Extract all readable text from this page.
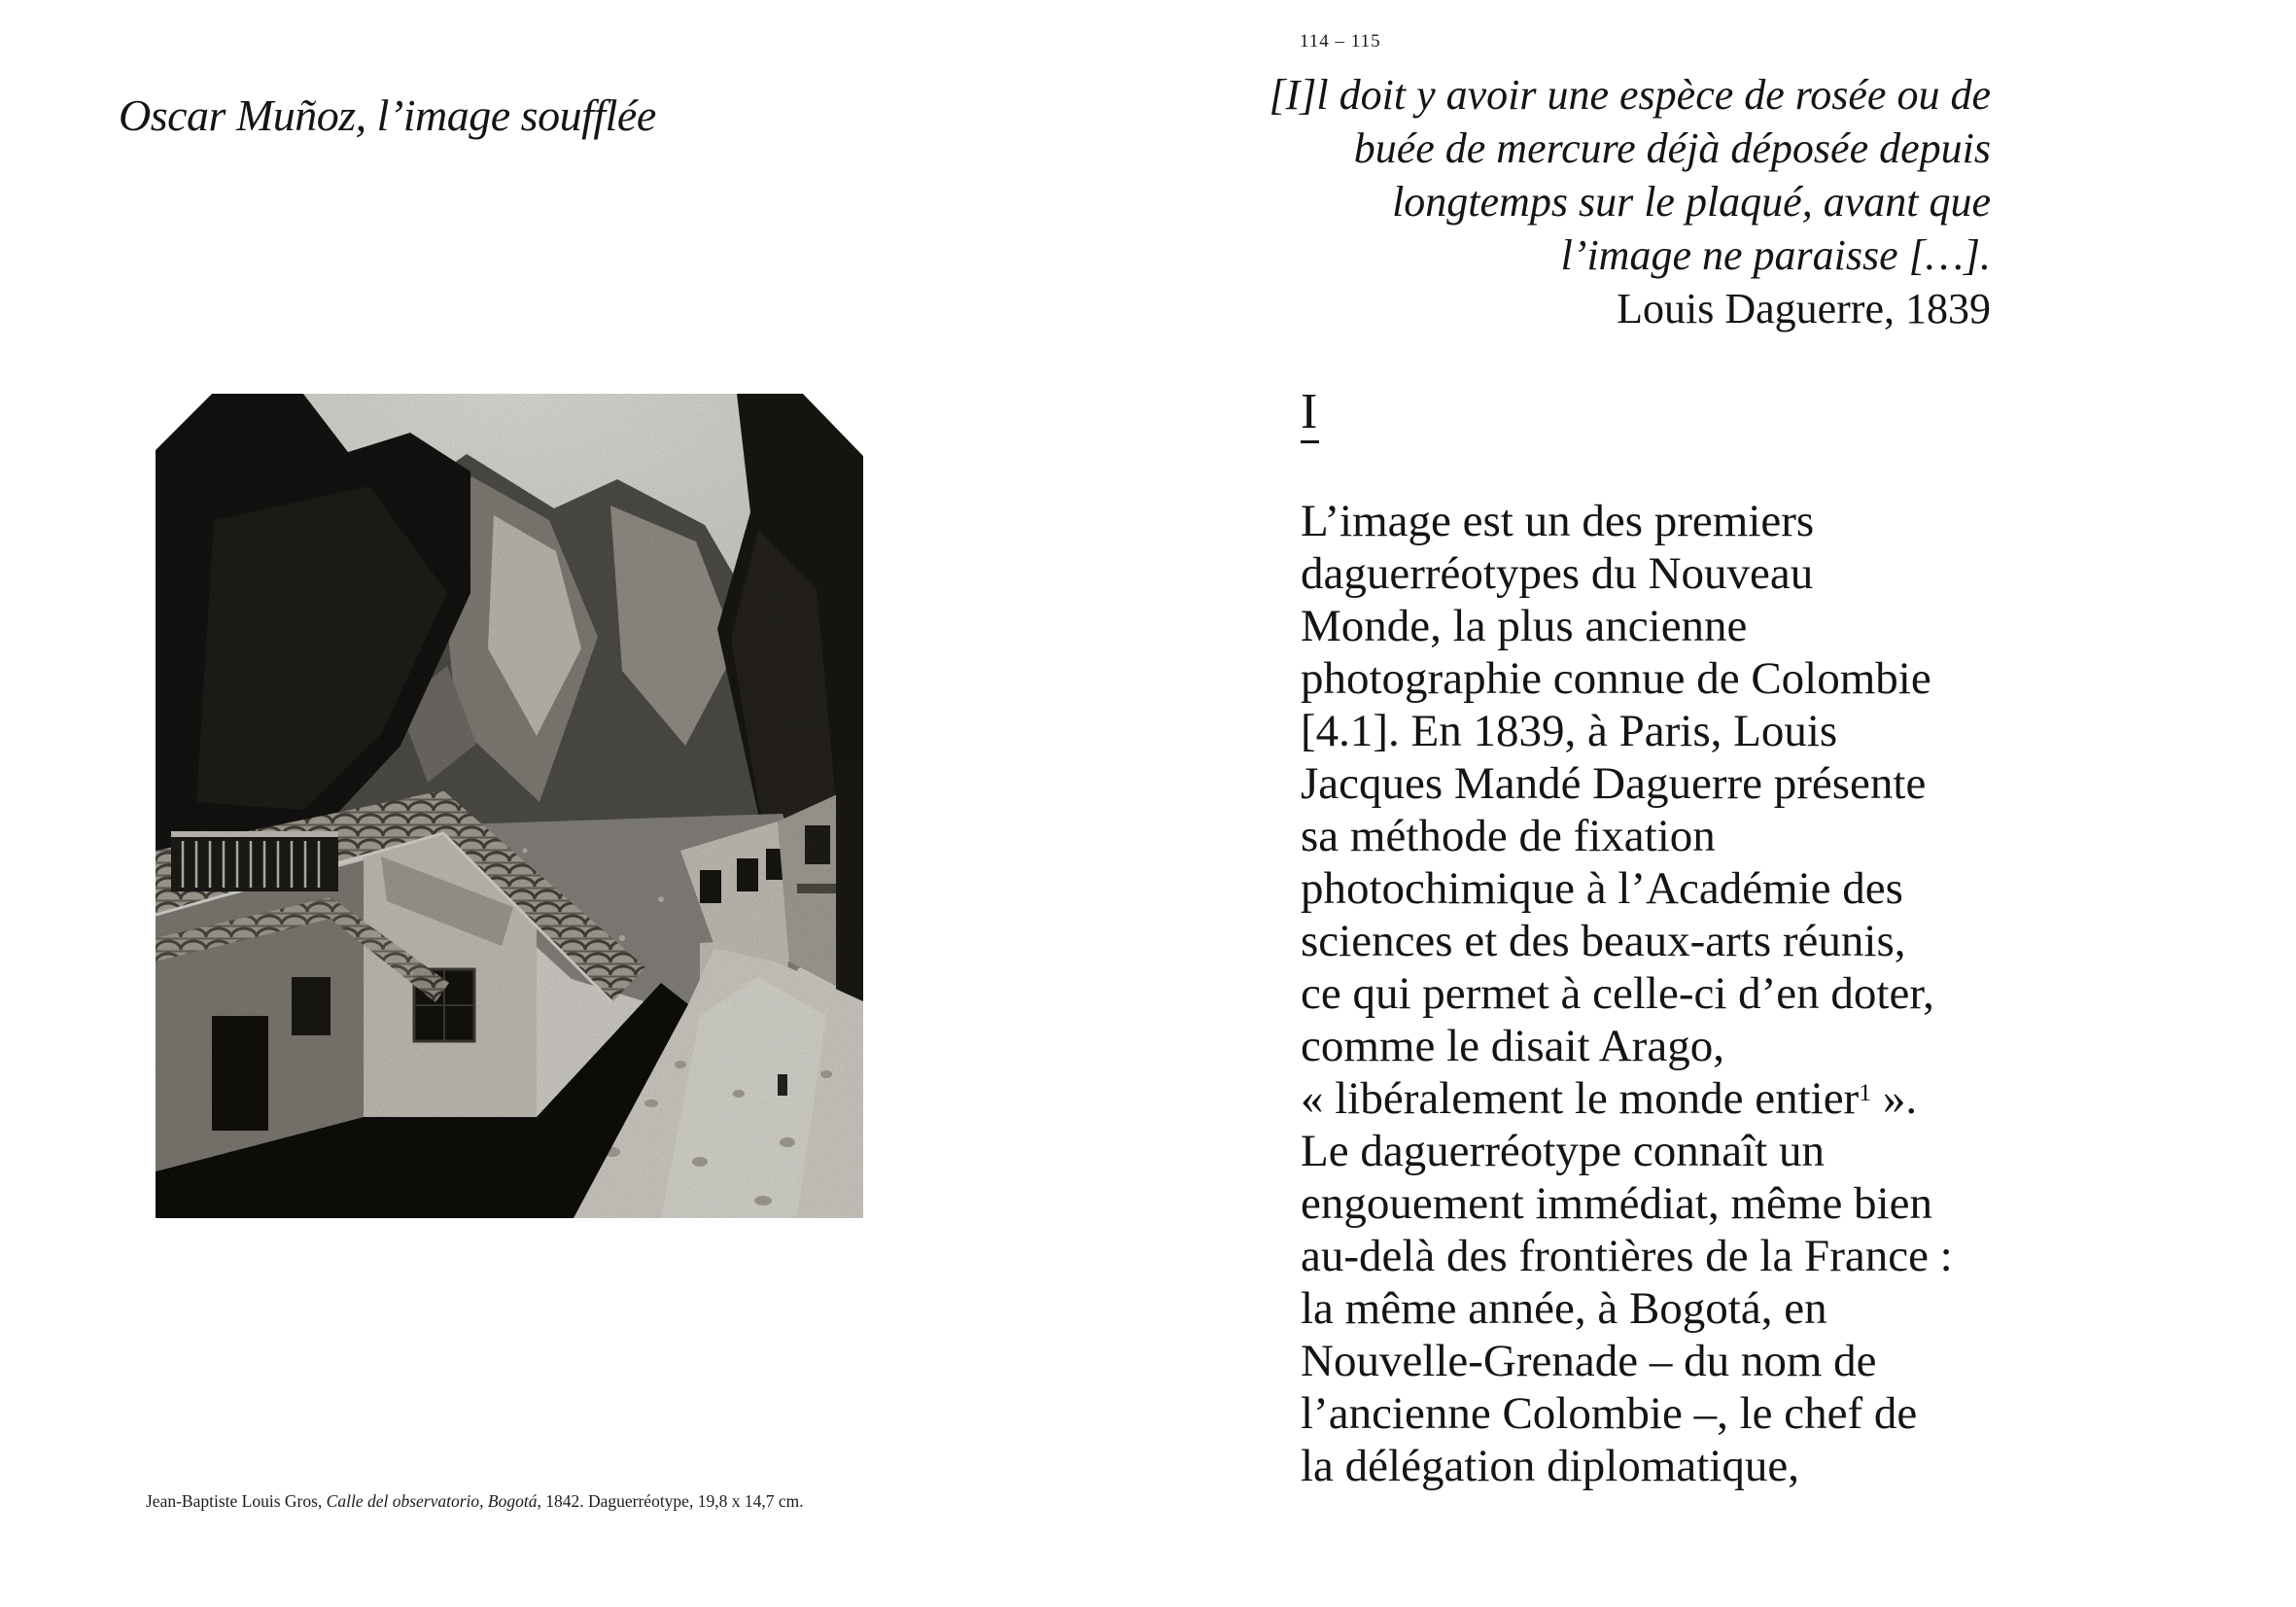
Oscar Muñoz, l’image soufflée

Jean-Baptiste Louis Gros, Calle del observatorio, Bogotá, 1842. Daguerréotype, 19,8 x 14,7 cm.

114 – 115
[I]l doit y avoir une espèce de rosée ou de
buée de mercure déjà déposée depuis
longtemps sur le plaqué, avant que
l’image ne paraisse […].
Louis Daguerre, 1839
I
L’image est un des premiers
daguerréotypes du Nouveau
Monde, la plus ancienne
photographie connue de Colombie
[4.1]. En 1839, à Paris, Louis
Jacques Mandé Daguerre présente
sa méthode de fixation
photochimique à l’Académie des
sciences et des beaux-arts réunis,
ce qui permet à celle-ci d’en doter,
comme le disait Arago,
« libéralement le monde entier$^1$ ».
Le daguerréotype connaît un
engouement immédiat, même bien
au-delà des frontières de la France :
la même année, à Bogotá, en
Nouvelle-Grenade – du nom de
l’ancienne Colombie –, le chef de
la délégation diplomatique,
